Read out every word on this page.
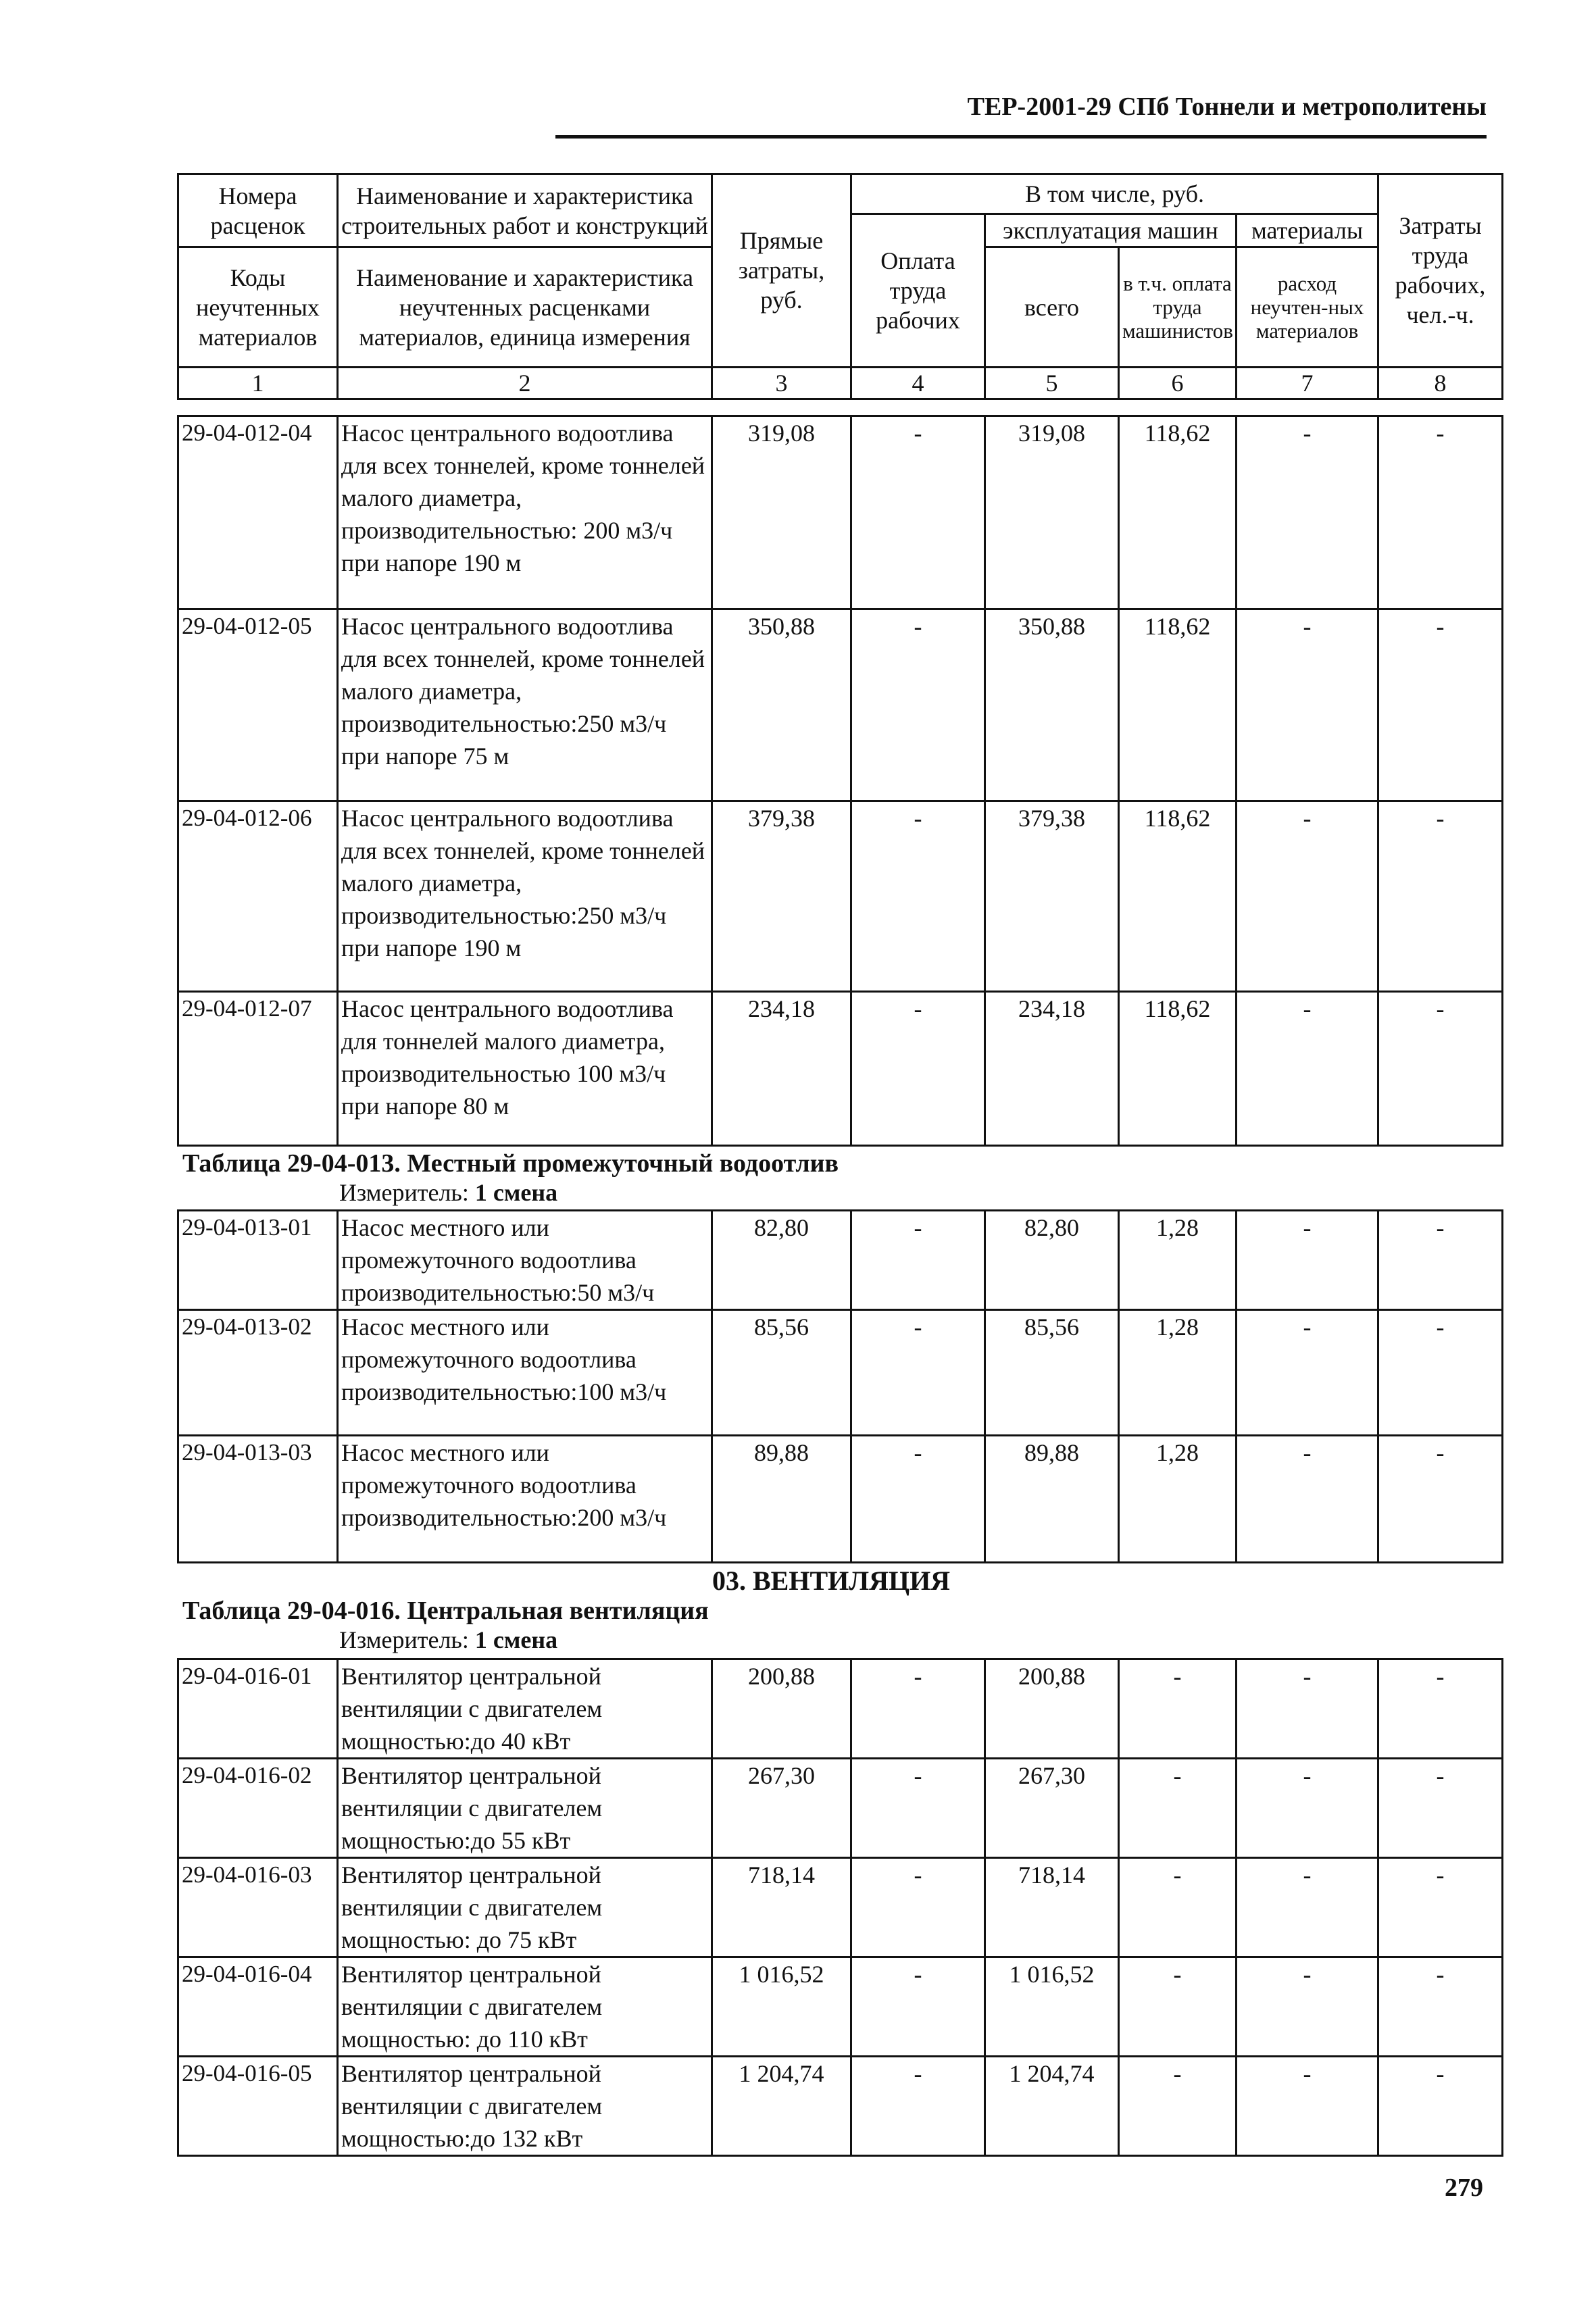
ТЕР-2001-29 СПб Тоннели и метрополитены
Номера расценок	Наименование и характеристика строительных работ и конструкций	Прямые затраты, руб.	В том числе, руб.				Затраты труда рабочих, чел.-ч.
			Оплата труда рабочих	эксплуатация машин		материалы	
Коды неучтенных материалов	Наименование и характеристика неучтенных расценками материалов, единица измерения			всего	в т.ч. оплата труда машинистов	расход неучтен-ных материалов	

1	2	3	4	5	6	7	8
29-04-012-04	Насос центрального водоотлива для всех тоннелей, кроме тоннелей малого диаметра, производительностью: 200 м3/ч при напоре 190 м	319,08	-	319,08	118,62	-	-
29-04-012-05	Насос центрального водоотлива для всех тоннелей, кроме тоннелей малого диаметра, производительностью:250 м3/ч при напоре 75 м	350,88	-	350,88	118,62	-	-
29-04-012-06	Насос центрального водоотлива для всех тоннелей, кроме тоннелей малого диаметра, производительностью:250 м3/ч при напоре 190 м	379,38	-	379,38	118,62	-	-
29-04-012-07	Насос центрального водоотлива для тоннелей малого диаметра, производительностью 100 м3/ч при напоре 80 м	234,18	-	234,18	118,62	-	-
Таблица 29-04-013. Местный промежуточный водоотлив
Измеритель: 1 смена
29-04-013-01	Насос местного или промежуточного водоотлива производительностью:50 м3/ч	82,80	-	82,80	1,28	-	-
29-04-013-02	Насос местного или промежуточного водоотлива производительностью:100 м3/ч	85,56	-	85,56	1,28	-	-
29-04-013-03	Насос местного или промежуточного водоотлива производительностью:200 м3/ч	89,88	-	89,88	1,28	-	-
03. ВЕНТИЛЯЦИЯ
Таблица 29-04-016. Центральная вентиляция
Измеритель: 1 смена
29-04-016-01	Вентилятор центральной вентиляции с двигателем мощностью:до 40 кВт	200,88	-	200,88	-	-	-
29-04-016-02	Вентилятор центральной вентиляции с двигателем мощностью:до 55 кВт	267,30	-	267,30	-	-	-
29-04-016-03	Вентилятор центральной вентиляции с двигателем мощностью: до 75 кВт	718,14	-	718,14	-	-	-
29-04-016-04	Вентилятор центральной вентиляции с двигателем мощностью: до 110 кВт	1 016,52	-	1 016,52	-	-	-
29-04-016-05	Вентилятор центральной вентиляции с двигателем мощностью:до 132 кВт	1 204,74	-	1 204,74	-	-	-
279
